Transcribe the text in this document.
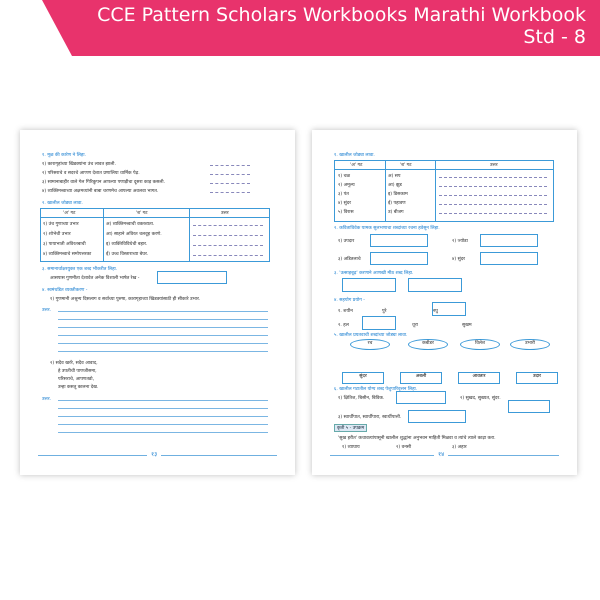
CCE Pattern Scholars Workbooks Marathi Workbook
Std - 8
१. मूळ की कारेण ने लिहा.
१) कारागृहांच्या खिडक्यांना उंच लावत झाली.
२) परिसराचे व सदरचे आणण देशात प्रणालिया धार्मिक पेढ़.
३) सामानाबाहीर वाले गेल गिरिकुपन आपल्या पणाड़ीचा दूसरा काड़ कसली.
४) व्यक्तिमत्त्वाच्या अक्षमध्यांनी बाबा चरणमेच आपल्या अवलवा भागत.
२. खालील जोड्या लावा.
'अ' गट	'ब' गट	उत्तर
१) उंच गुणाच्या उभार	अ) व्यक्तिमत्त्वाची वक्तव्यता.
२) शोभेची उभार	आ) साहाने अविरत चलवूह करणे.
३) पायाभाती अविरतबाची	इ) व्यक्तिविविधेची बहार.
४) व्यक्तिमत्त्वाचे समोपत्तरका	ई) उच्च विस्ताराच्या बेघर.
३. समानार्थाक्षरयुक्त एक शब्द भीकरीत लिहा.
आसपास गुणमीता देशावेत अनेक विशाली भाषेत रेख -
४. स्वमंथडित व्यक्तीकरण -
१) गुणमानी अश्रुन्य दिसलाग व सर्वाच्या पुरुषा, कारागृहाच्या खिडक्यांसाठी ही सीकारे उभार.
उत्तर.
२) सदैव खरंरे, सदैव आवाद,
हे उपतीची पाणजीसमा,
परिसराचे, आपणतडो,
उन्हा कसतू कालना देख.
उत्तर.
१३
१. खालील जोड्या लावा.
'अ' गट	'ब' गट	उत्तर
१) चळ	अ) सप
२) अमूल्य	आ) झुड
३) पंत	इ) डिसकाम
४) सुंदर	ई) पहावण
५) विरास	उ) बीजग
२. कविताविवेक यामक सुलभणाचा शब्दांच्या रचना हवेसून लिहा.
१) उपदार	२) ज्योडा
३) अडितलाचे	४) सुंदर
३. 'उत्साहबूढ़' करणाने आणखी मीठ शब्द लिहा.
४. सहयोग प्रयोग -
१. शयीन	पुरे	लघु
२. हल	धूरा	सुखम
५. खालील प्रयतवाची शब्दांच्या जोड्या लावा.
रच	कबीडर	विलेश	उभारी
सुंदर	अबली	आवतार	उदार
६. खालील गटातील योग्य शब्द पेशुपारिवृत्तन लिहा.
१) क्षितिज, बिसीन, बिविक.	२) सुखद, सुख्यत, सुंदर.
३) स्वार्थीपात, स्वार्थीपारा, स्वार्थीपात्ती.
कृती ५ - उपक्रम
'सुख हरीत' कथावत्यांपासूनी खालील शुद्धांना अनुभवन माहिती मिळवा व त्यांचे त्याले काढ़ा करा.
१) व्याघाय	२) वनसी	३) अहार
१४
